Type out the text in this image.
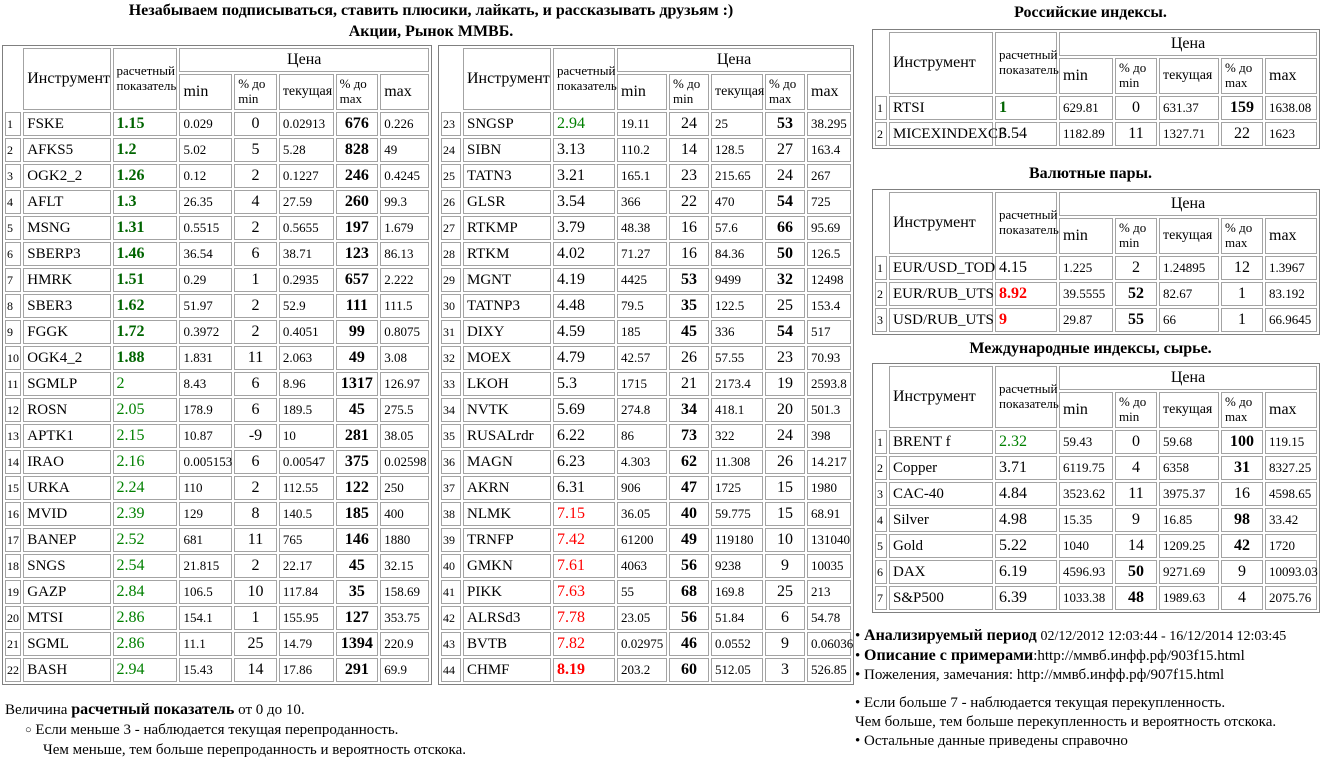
Незабываем подписываться, ставить плюсики, лайкать, и рассказывать друзьям :)
Акции, Рынок ММВБ.
	Инструмент	расчетный показатель	Цена				
			min	% до min	текущая	% до max	max
1	FSKE	1.15	0.029	0	0.02913	676	0.226
2	AFKS5	1.2	5.02	5	5.28	828	49
3	OGK2_2	1.26	0.12	2	0.1227	246	0.4245
4	AFLT	1.3	26.35	4	27.59	260	99.3
5	MSNG	1.31	0.5515	2	0.5655	197	1.679
6	SBERP3	1.46	36.54	6	38.71	123	86.13
7	HMRK	1.51	0.29	1	0.2935	657	2.222
8	SBER3	1.62	51.97	2	52.9	111	111.5
9	FGGK	1.72	0.3972	2	0.4051	99	0.8075
10	OGK4_2	1.88	1.831	11	2.063	49	3.08
11	SGMLP	2	8.43	6	8.96	1317	126.97
12	ROSN	2.05	178.9	6	189.5	45	275.5
13	APTK1	2.15	10.87	-9	10	281	38.05
14	IRAO	2.16	0.005153	6	0.00547	375	0.02598
15	URKA	2.24	110	2	112.55	122	250
16	MVID	2.39	129	8	140.5	185	400
17	BANEP	2.52	681	11	765	146	1880
18	SNGS	2.54	21.815	2	22.17	45	32.15
19	GAZP	2.84	106.5	10	117.84	35	158.69
20	MTSI	2.86	154.1	1	155.95	127	353.75
21	SGML	2.86	11.1	25	14.79	1394	220.9
22	BASH	2.94	15.43	14	17.86	291	69.9
	Инструмент	расчетный показатель	Цена				
			min	% до min	текущая	% до max	max
23	SNGSP	2.94	19.11	24	25	53	38.295
24	SIBN	3.13	110.2	14	128.5	27	163.4
25	TATN3	3.21	165.1	23	215.65	24	267
26	GLSR	3.54	366	22	470	54	725
27	RTKMP	3.79	48.38	16	57.6	66	95.69
28	RTKM	4.02	71.27	16	84.36	50	126.5
29	MGNT	4.19	4425	53	9499	32	12498
30	TATNP3	4.48	79.5	35	122.5	25	153.4
31	DIXY	4.59	185	45	336	54	517
32	MOEX	4.79	42.57	26	57.55	23	70.93
33	LKOH	5.3	1715	21	2173.4	19	2593.8
34	NVTK	5.69	274.8	34	418.1	20	501.3
35	RUSALrdr	6.22	86	73	322	24	398
36	MAGN	6.23	4.303	62	11.308	26	14.217
37	AKRN	6.31	906	47	1725	15	1980
38	NLMK	7.15	36.05	40	59.775	15	68.91
39	TRNFP	7.42	61200	49	119180	10	131040
40	GMKN	7.61	4063	56	9238	9	10035
41	PIKK	7.63	55	68	169.8	25	213
42	ALRSd3	7.78	23.05	56	51.84	6	54.78
43	BVTB	7.82	0.02975	46	0.0552	9	0.06036
44	CHMF	8.19	203.2	60	512.05	3	526.85
Российские индексы.
	Инструмент	расчетный показатель	Цена				
			min	% до min	текущая	% до max	max
1	RTSI	1	629.81	0	631.37	159	1638.08
2	MICEXINDEXCF	3.54	1182.89	11	1327.71	22	1623
Валютные пары.
	Инструмент	расчетный показатель	Цена				
			min	% до min	текущая	% до max	max
1	EUR/USD_TOD	4.15	1.225	2	1.24895	12	1.3967
2	EUR/RUB_UTS	8.92	39.5555	52	82.67	1	83.192
3	USD/RUB_UTS	9	29.87	55	66	1	66.9645
Международные индексы, сырье.
	Инструмент	расчетный показатель	Цена				
			min	% до min	текущая	% до max	max
1	BRENT f	2.32	59.43	0	59.68	100	119.15
2	Copper	3.71	6119.75	4	6358	31	8327.25
3	CAC-40	4.84	3523.62	11	3975.37	16	4598.65
4	Silver	4.98	15.35	9	16.85	98	33.42
5	Gold	5.22	1040	14	1209.25	42	1720
6	DAX	6.19	4596.93	50	9271.69	9	10093.03
7	S&P500	6.39	1033.38	48	1989.63	4	2075.76
• Анализируемый период 02/12/2012 12:03:44 - 16/12/2014 12:03:45
• Описание с примерами:http://ммвб.инфф.рф/903f15.html
• Пожеления, замечания: http://ммвб.инфф.рф/907f15.html
• Если больше 7 - наблюдается текущая перекупленность.
Чем больше, тем больше перекупленность и вероятность отскока.
• Остальные данные приведены справочно
Величина расчетный показатель от 0 до 10.
○ Если меньше 3 - наблюдается текущая перепроданность.
Чем меньше, тем больше перепроданность и вероятность отскока.
